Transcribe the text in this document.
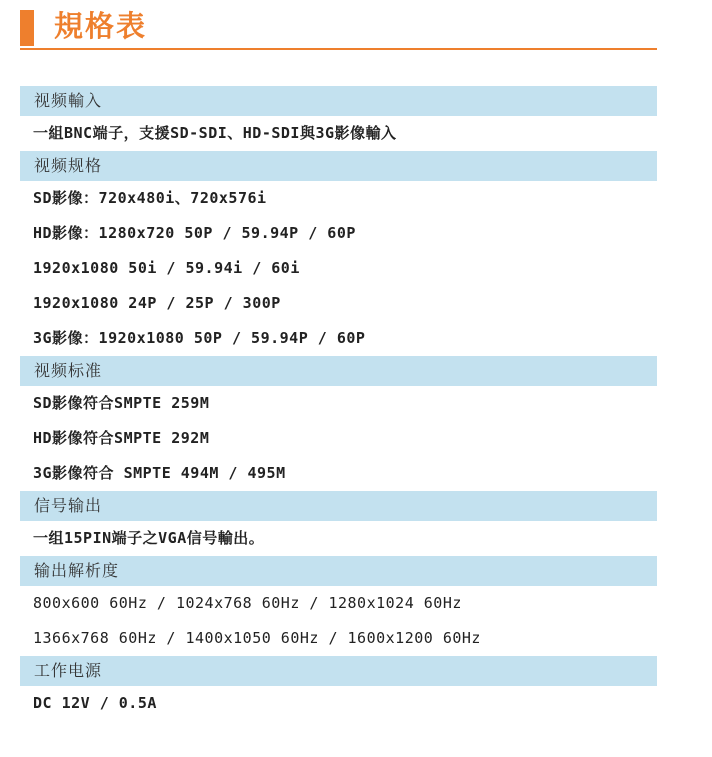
規格表
视频輸入
一組BNC端子，支援SD-SDI、HD-SDI與3G影像輸入
视频规格
SD影像：720x480i、720x576i
HD影像：1280x720 50P / 59.94P / 60P
1920x1080 50i / 59.94i / 60i
1920x1080 24P / 25P / 300P
3G影像：1920x1080 50P / 59.94P / 60P
视频标准
SD影像符合SMPTE 259M
HD影像符合SMPTE 292M
3G影像符合 SMPTE 494M / 495M
信号输出
一组15PIN端子之VGA信号輸出。
输出解析度
800x600 60Hz / 1024x768 60Hz / 1280x1024 60Hz
1366x768 60Hz / 1400x1050 60Hz / 1600x1200 60Hz
工作电源
DC 12V / 0.5A
